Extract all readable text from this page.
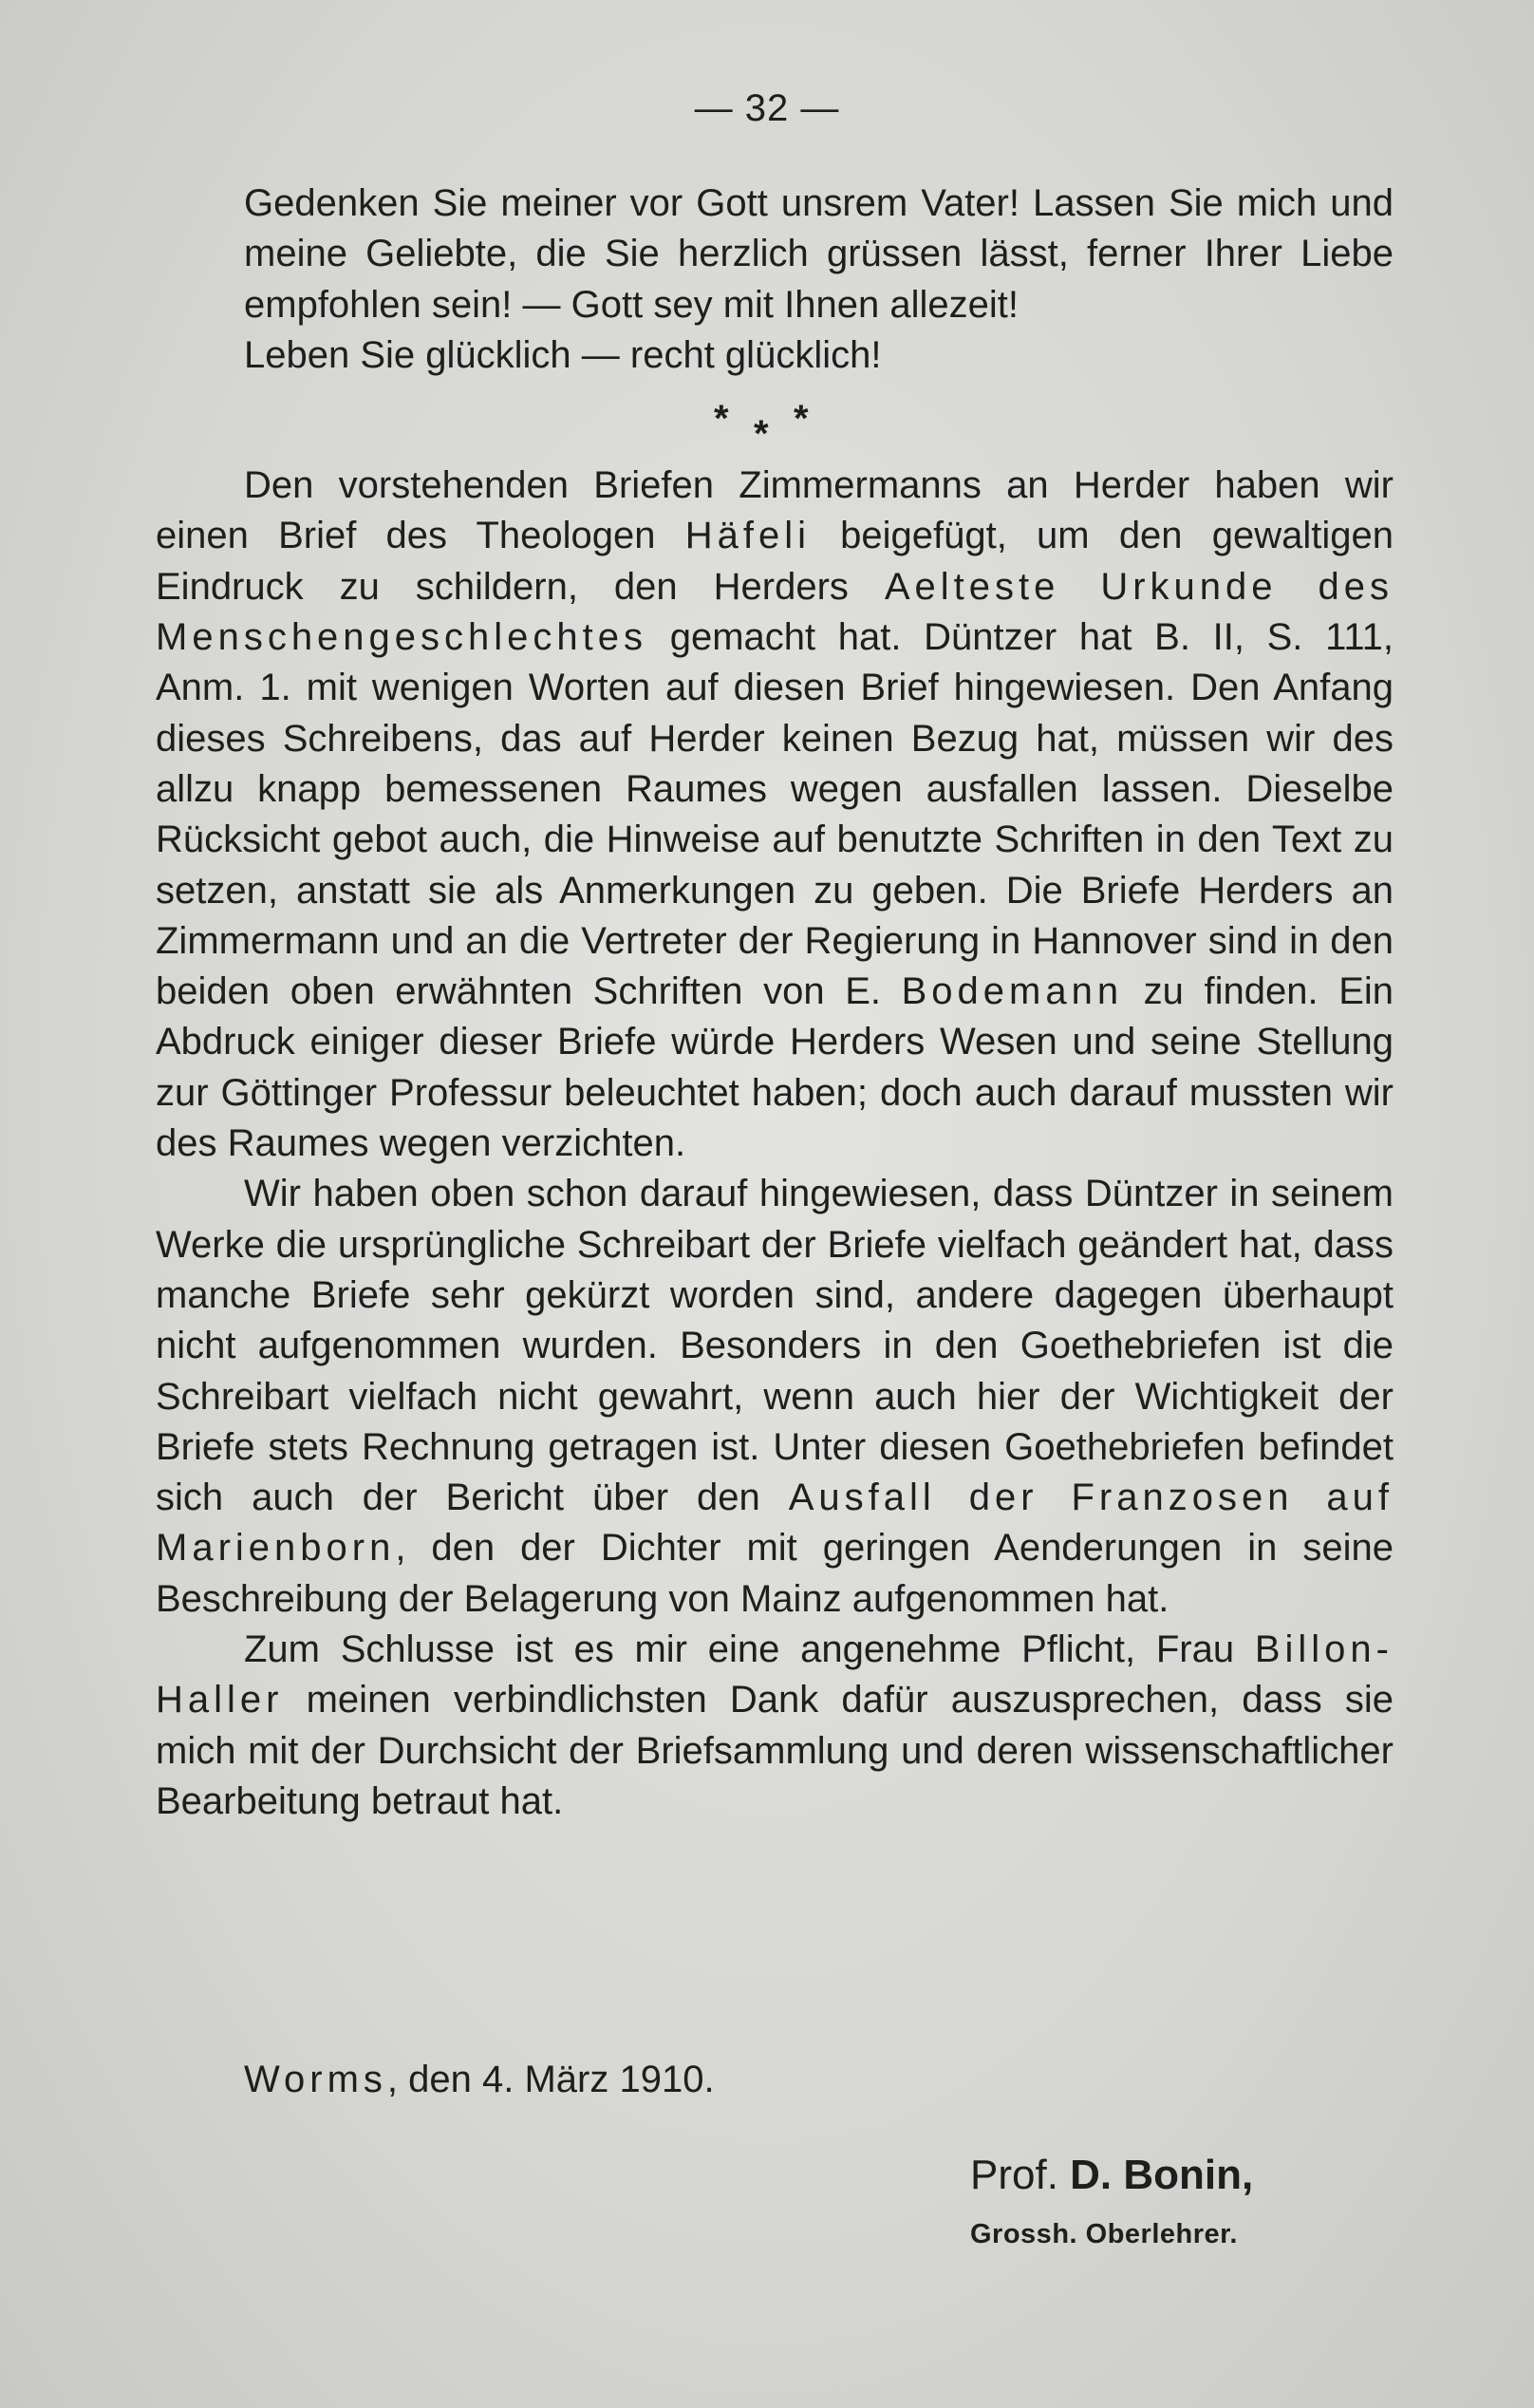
— 32 —

Gedenken Sie meiner vor Gott unsrem Vater! Lassen Sie mich und meine Geliebte, die Sie herzlich grüssen lässt, ferner Ihrer Liebe empfohlen sein! — Gott sey mit Ihnen allezeit!

Leben Sie glücklich — recht glücklich!

* * *

Den vorstehenden Briefen Zimmermanns an Herder haben wir einen Brief des Theologen Häfeli beigefügt, um den gewaltigen Eindruck zu schildern, den Herders Aelteste Urkunde des Menschengeschlechtes gemacht hat. Düntzer hat B. II, S. 111, Anm. 1. mit wenigen Worten auf diesen Brief hingewiesen. Den Anfang dieses Schreibens, das auf Herder keinen Bezug hat, müssen wir des allzu knapp bemessenen Raumes wegen ausfallen lassen. Dieselbe Rücksicht gebot auch, die Hinweise auf benutzte Schriften in den Text zu setzen, anstatt sie als Anmerkungen zu geben. Die Briefe Herders an Zimmermann und an die Vertreter der Regierung in Hannover sind in den beiden oben erwähnten Schriften von E. Bodemann zu finden. Ein Abdruck einiger dieser Briefe würde Herders Wesen und seine Stellung zur Göttinger Professur beleuchtet haben; doch auch darauf mussten wir des Raumes wegen verzichten.

Wir haben oben schon darauf hingewiesen, dass Düntzer in seinem Werke die ursprüngliche Schreibart der Briefe vielfach geändert hat, dass manche Briefe sehr gekürzt worden sind, andere dagegen überhaupt nicht aufgenommen wurden. Besonders in den Goethebriefen ist die Schreibart vielfach nicht gewahrt, wenn auch hier der Wichtigkeit der Briefe stets Rechnung getragen ist. Unter diesen Goethebriefen befindet sich auch der Bericht über den Ausfall der Franzosen auf Marienborn, den der Dichter mit geringen Aenderungen in seine Beschreibung der Belagerung von Mainz aufgenommen hat.

Zum Schlusse ist es mir eine angenehme Pflicht, Frau Billon-Haller meinen verbindlichsten Dank dafür auszusprechen, dass sie mich mit der Durchsicht der Briefsammlung und deren wissenschaftlicher Bearbeitung betraut hat.

Worms, den 4. März 1910.
Prof. D. Bonin,
Grossh. Oberlehrer.
